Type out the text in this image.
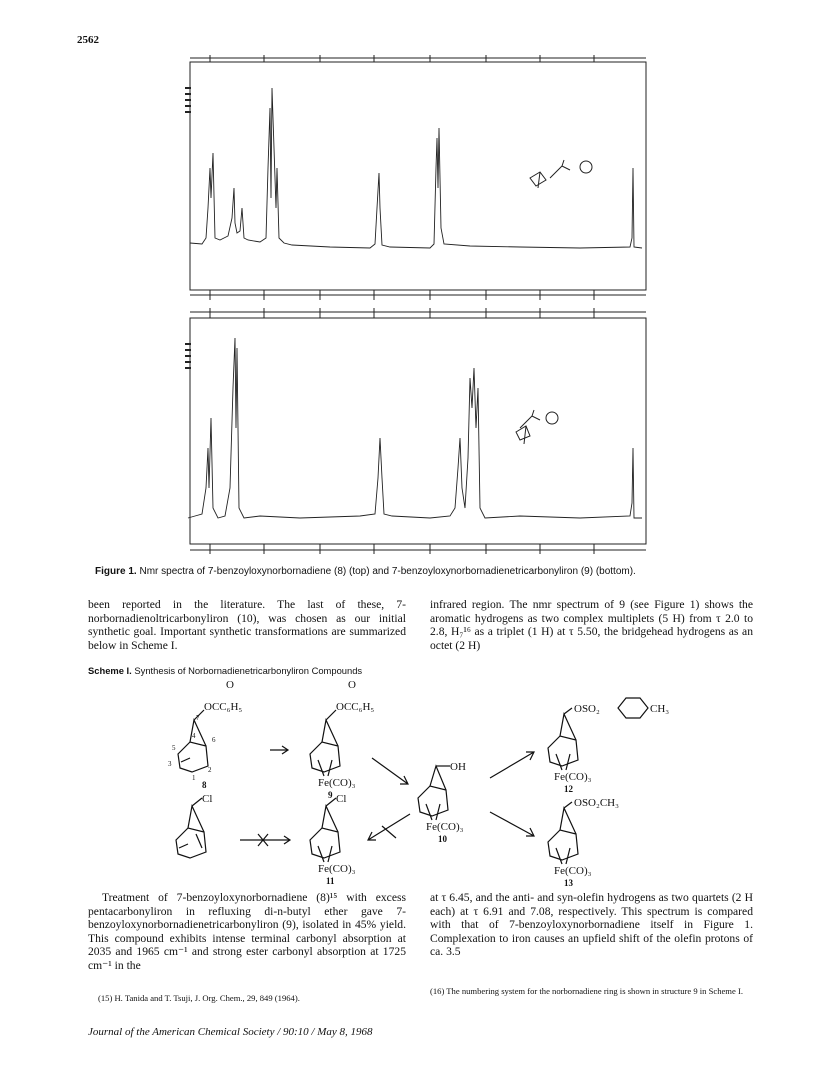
2562
Figure 1. Nmr spectra of 7-benzoyloxynorbornadiene (8) (top) and 7-benzoyloxynorbornadienetricarbonyliron (9) (bottom).

been reported in the literature. The last of these, 7-norbornadienoltricarbonyliron (10), was chosen as our initial synthetic goal. Important synthetic transformations are summarized below in Scheme I.

infrared region. The nmr spectrum of 9 (see Figure 1) shows the aromatic hydrogens as two complex multiplets (5 H) from τ 2.0 to 2.8, H₇¹⁶ as a triplet (1 H) at τ 5.50, the bridgehead hydrogens as an octet (2 H)

Scheme I. Synthesis of Norbornadienetricarbonyliron Compounds
O
OCC₆H₅
7
4 6
5
3
2
1
8
O
OCC₆H₅
Fe(CO)₃
9
OH
Fe(CO)₃
10
Cl	Cl
Fe(CO)₃
11
OSO₂	CH₃
Fe(CO)₃
12
OSO₂CH₃
Fe(CO)₃
13

Treatment of 7-benzoyloxynorbornadiene (8)¹⁵ with excess pentacarbonyliron in refluxing di-n-butyl ether gave 7-benzoyloxynorbornadienetricarbonyliron (9), isolated in 45% yield. This compound exhibits intense terminal carbonyl absorption at 2035 and 1965 cm⁻¹ and strong ester carbonyl absorption at 1725 cm⁻¹ in the

at τ 6.45, and the anti- and syn-olefin hydrogens as two quartets (2 H each) at τ 6.91 and 7.08, respectively. This spectrum is compared with that of 7-benzoyloxynorbornadiene itself in Figure 1. Complexation to iron causes an upfield shift of the olefin protons of ca. 3.5

(15) H. Tanida and T. Tsuji, J. Org. Chem., 29, 849 (1964).
(16) The numbering system for the norbornadiene ring is shown in structure 9 in Scheme I.
Journal of the American Chemical Society / 90:10 / May 8, 1968
